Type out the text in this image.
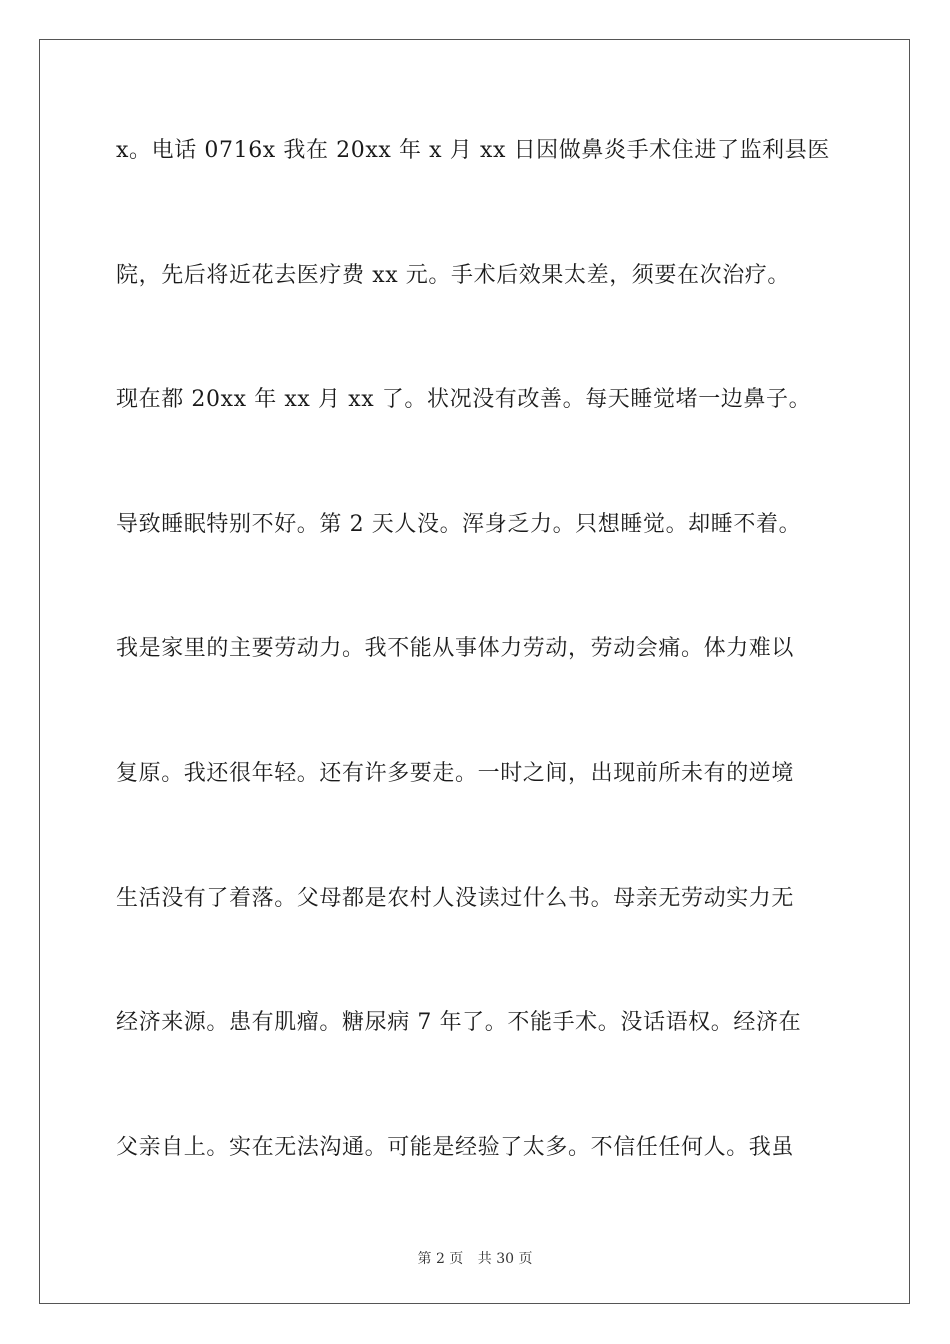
x。电话 0716x 我在 20xx 年 x 月 xx 日因做鼻炎手术住进了监利县医
院，先后将近花去医疗费 xx 元。手术后效果太差，须要在次治疗。
现在都 20xx 年 xx 月 xx 了。状况没有改善。每天睡觉堵一边鼻子。
导致睡眠特别不好。第 2 天人没。浑身乏力。只想睡觉。却睡不着。
我是家里的主要劳动力。我不能从事体力劳动，劳动会痛。体力难以
复原。我还很年轻。还有许多要走。一时之间，出现前所未有的逆境
生活没有了着落。父母都是农村人没读过什么书。母亲无劳动实力无
经济来源。患有肌瘤。糖尿病 7 年了。不能手术。没话语权。经济在
父亲自上。实在无法沟通。可能是经验了太多。不信任任何人。我虽
第 2 页 共 30 页
